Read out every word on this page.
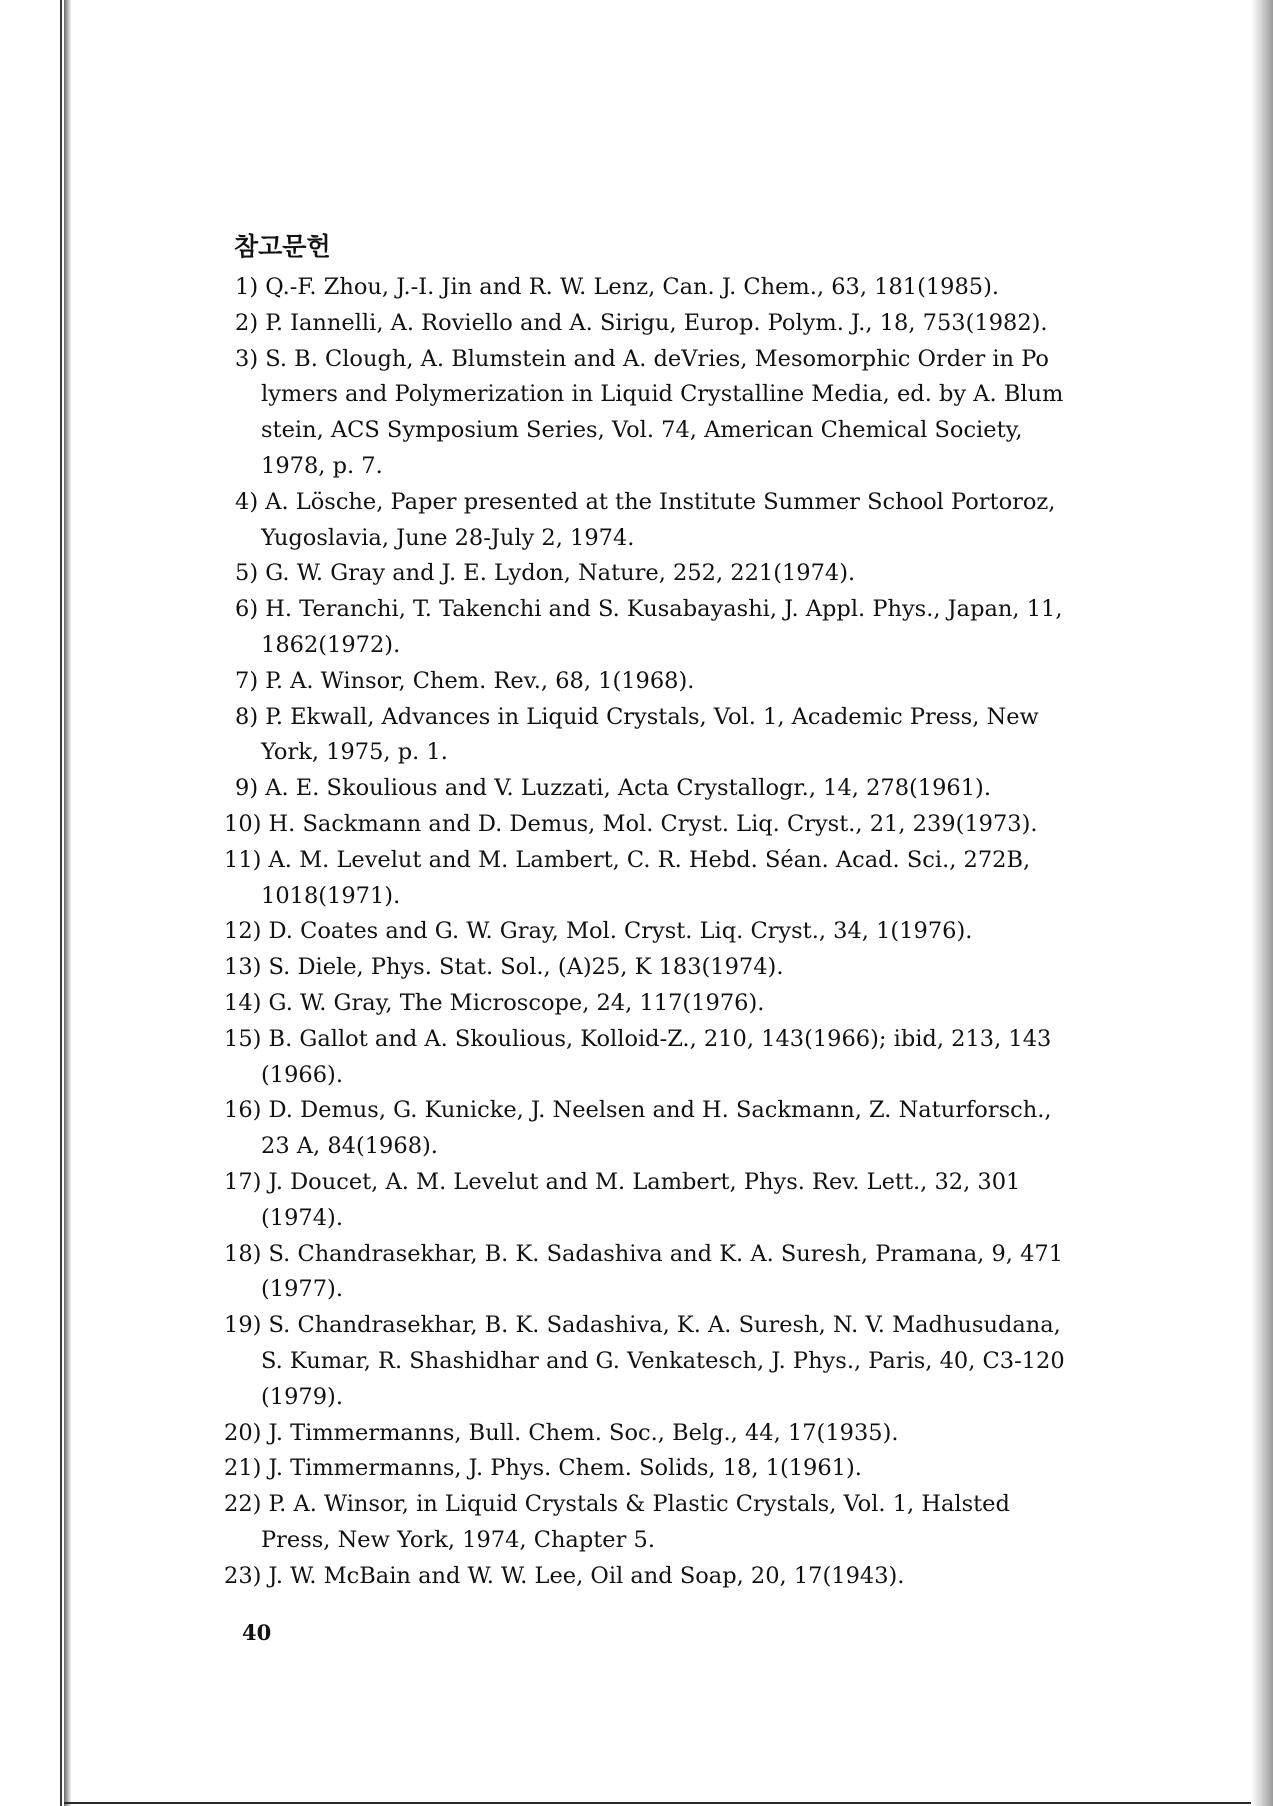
참고문헌
1) Q.-F. Zhou, J.-I. Jin and R. W. Lenz, Can. J. Chem., 63, 181(1985).
2) P. Iannelli, A. Roviello and A. Sirigu, Europ. Polym. J., 18, 753(1982).
3) S. B. Clough, A. Blumstein and A. deVries, Mesomorphic Order in Po
lymers and Polymerization in Liquid Crystalline Media, ed. by A. Blum
stein, ACS Symposium Series, Vol. 74, American Chemical Society,
1978, p. 7.
4) A. Lösche, Paper presented at the Institute Summer School Portoroz,
Yugoslavia, June 28-July 2, 1974.
5) G. W. Gray and J. E. Lydon, Nature, 252, 221(1974).
6) H. Teranchi, T. Takenchi and S. Kusabayashi, J. Appl. Phys., Japan, 11,
1862(1972).
7) P. A. Winsor, Chem. Rev., 68, 1(1968).
8) P. Ekwall, Advances in Liquid Crystals, Vol. 1, Academic Press, New
York, 1975, p. 1.
9) A. E. Skoulious and V. Luzzati, Acta Crystallogr., 14, 278(1961).
10) H. Sackmann and D. Demus, Mol. Cryst. Liq. Cryst., 21, 239(1973).
11) A. M. Levelut and M. Lambert, C. R. Hebd. Séan. Acad. Sci., 272B,
1018(1971).
12) D. Coates and G. W. Gray, Mol. Cryst. Liq. Cryst., 34, 1(1976).
13) S. Diele, Phys. Stat. Sol., (A)25, K 183(1974).
14) G. W. Gray, The Microscope, 24, 117(1976).
15) B. Gallot and A. Skoulious, Kolloid-Z., 210, 143(1966); ibid, 213, 143
(1966).
16) D. Demus, G. Kunicke, J. Neelsen and H. Sackmann, Z. Naturforsch.,
23 A, 84(1968).
17) J. Doucet, A. M. Levelut and M. Lambert, Phys. Rev. Lett., 32, 301
(1974).
18) S. Chandrasekhar, B. K. Sadashiva and K. A. Suresh, Pramana, 9, 471
(1977).
19) S. Chandrasekhar, B. K. Sadashiva, K. A. Suresh, N. V. Madhusudana,
S. Kumar, R. Shashidhar and G. Venkatesch, J. Phys., Paris, 40, C3-120
(1979).
20) J. Timmermanns, Bull. Chem. Soc., Belg., 44, 17(1935).
21) J. Timmermanns, J. Phys. Chem. Solids, 18, 1(1961).
22) P. A. Winsor, in Liquid Crystals & Plastic Crystals, Vol. 1, Halsted
Press, New York, 1974, Chapter 5.
23) J. W. McBain and W. W. Lee, Oil and Soap, 20, 17(1943).
40
